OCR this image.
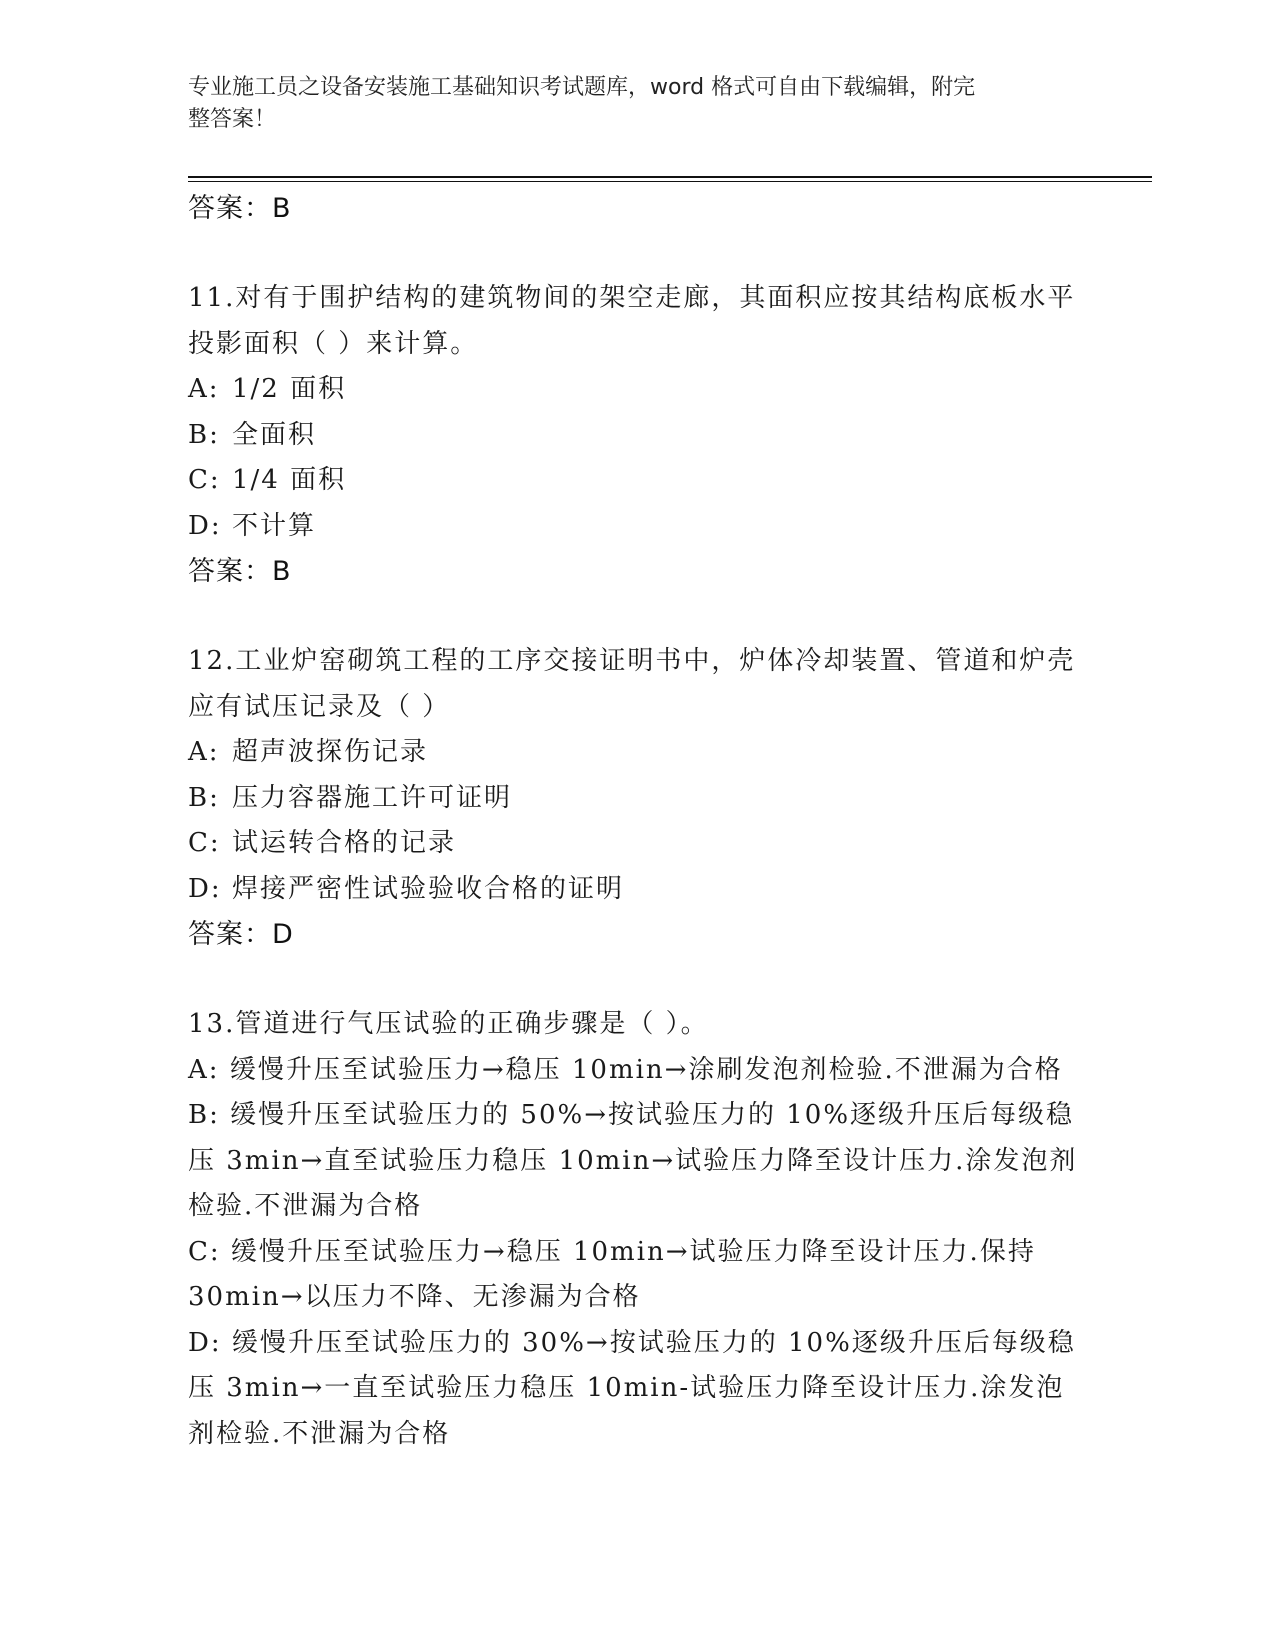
专业施工员之设备安装施工基础知识考试题库，word 格式可自由下载编辑，附完
整答案！
答案：B
11.对有于围护结构的建筑物间的架空走廊，其面积应按其结构底板水平投影面积（ ）来计算。
A: 1/2 面积
B: 全面积
C: 1/4 面积
D: 不计算
答案：B
12.工业炉窑砌筑工程的工序交接证明书中，炉体冷却装置、管道和炉壳应有试压记录及（ ）
A: 超声波探伤记录
B: 压力容器施工许可证明
C: 试运转合格的记录
D: 焊接严密性试验验收合格的证明
答案：D
13.管道进行气压试验的正确步骤是（ ）。
A: 缓慢升压至试验压力→稳压 10min→涂刷发泡剂检验.不泄漏为合格
B: 缓慢升压至试验压力的 50%→按试验压力的 10%逐级升压后每级稳压 3min→直至试验压力稳压 10min→试验压力降至设计压力.涂发泡剂检验.不泄漏为合格
C: 缓慢升压至试验压力→稳压 10min→试验压力降至设计压力.保持30min→以压力不降、无渗漏为合格
D: 缓慢升压至试验压力的 30%→按试验压力的 10%逐级升压后每级稳压 3min→一直至试验压力稳压 10min-试验压力降至设计压力.涂发泡剂检验.不泄漏为合格
